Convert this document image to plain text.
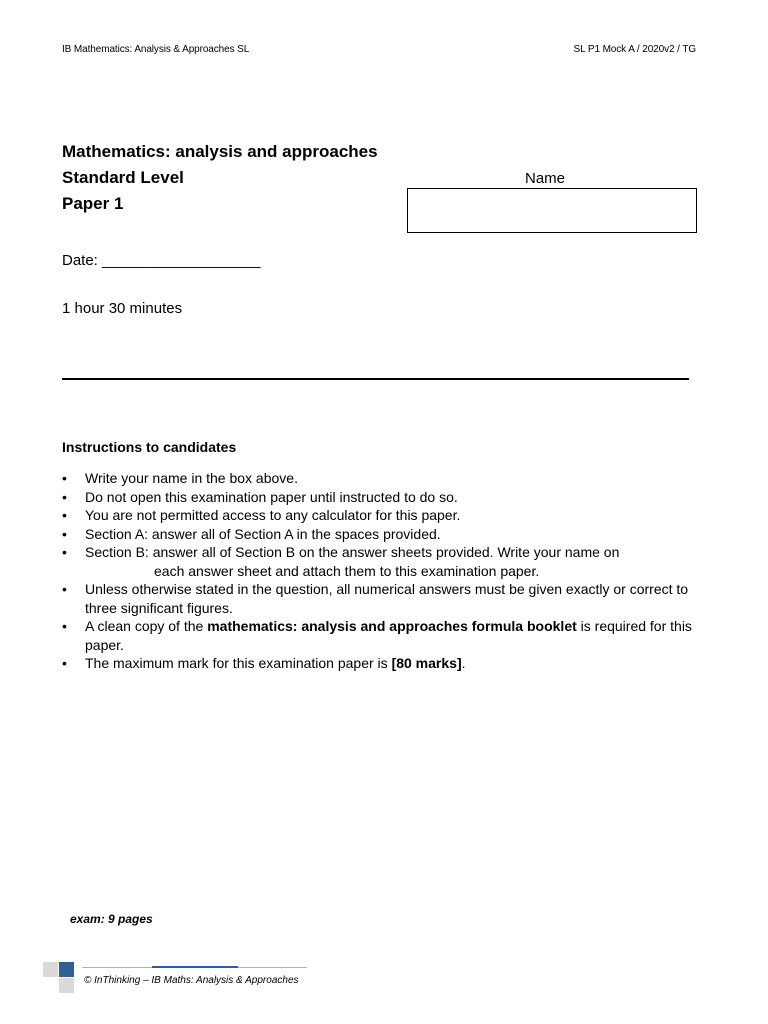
IB Mathematics: Analysis & Approaches SL	SL P1 Mock A / 2020v2 / TG
Mathematics: analysis and approaches
Standard Level
Paper 1
Name
Date: ___________________
1 hour 30 minutes
Instructions to candidates
• Write your name in the box above.
• Do not open this examination paper until instructed to do so.
• You are not permitted access to any calculator for this paper.
• Section A: answer all of Section A in the spaces provided.
• Section B: answer all of Section B on the answer sheets provided. Write your name on
each answer sheet and attach them to this examination paper.
• Unless otherwise stated in the question, all numerical answers must be given exactly or correct to three significant figures.
• A clean copy of the mathematics: analysis and approaches formula booklet is required for this paper.
• The maximum mark for this examination paper is [80 marks].
exam: 9 pages
© InThinking – IB Maths: Analysis & Approaches
